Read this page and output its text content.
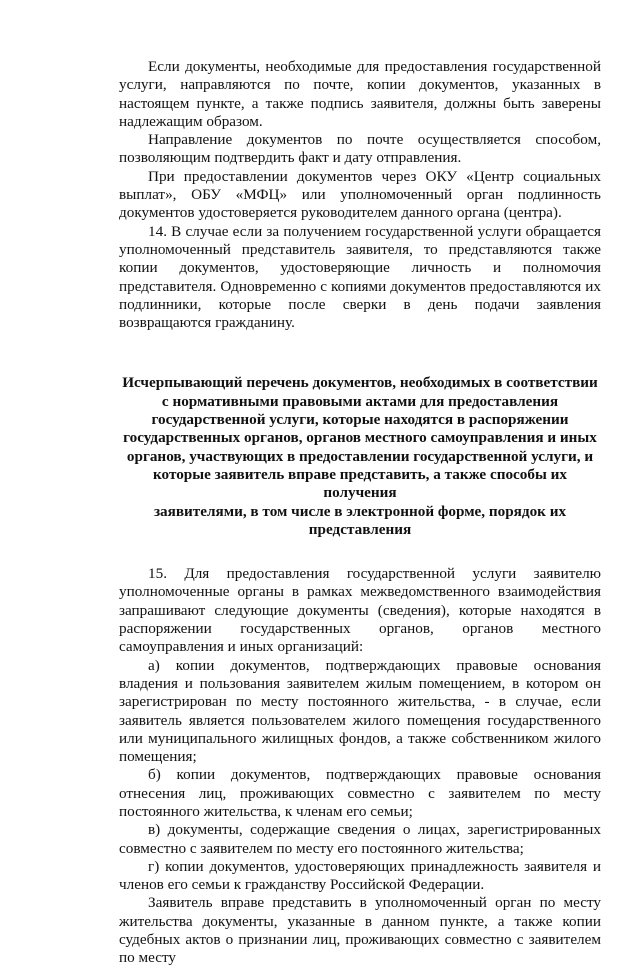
Если документы, необходимые для предоставления государственной услуги, направляются по почте, копии документов, указанных в настоящем пункте, а также подпись заявителя, должны быть заверены надлежащим образом.

Направление документов по почте осуществляется способом, позволяющим подтвердить факт и дату отправления.

При предоставлении документов через ОКУ «Центр социальных выплат», ОБУ «МФЦ» или уполномоченный орган подлинность документов удостоверяется руководителем данного органа (центра).

14. В случае если за получением государственной услуги обращается уполномоченный представитель заявителя, то представляются также копии документов, удостоверяющие личность и полномочия представителя. Одновременно с копиями документов предоставляются их подлинники, которые после сверки в день подачи заявления возвращаются гражданину.

Исчерпывающий перечень документов, необходимых в соответствии
с нормативными правовыми актами для предоставления
государственной услуги, которые находятся в распоряжении
государственных органов, органов местного самоуправления и иных
органов, участвующих в предоставлении государственной услуги, и
которые заявитель вправе представить, а также способы их получения
заявителями, в том числе в электронной форме, порядок их
представления

15. Для предоставления государственной услуги заявителю уполномоченные органы в рамках межведомственного взаимодействия запрашивают следующие документы (сведения), которые находятся в распоряжении государственных органов, органов местного самоуправления и иных организаций:

а) копии документов, подтверждающих правовые основания владения и пользования заявителем жилым помещением, в котором он зарегистрирован по месту постоянного жительства, - в случае, если заявитель является пользователем жилого помещения государственного или муниципального жилищных фондов, а также собственником жилого помещения;

б) копии документов, подтверждающих правовые основания отнесения лиц, проживающих совместно с заявителем по месту постоянного жительства, к членам его семьи;

в) документы, содержащие сведения о лицах, зарегистрированных совместно с заявителем по месту его постоянного жительства;

г) копии документов, удостоверяющих принадлежность заявителя и членов его семьи к гражданству Российской Федерации.

Заявитель вправе представить в уполномоченный орган по месту жительства документы, указанные в данном пункте, а также копии судебных актов о признании лиц, проживающих совместно с заявителем по месту
